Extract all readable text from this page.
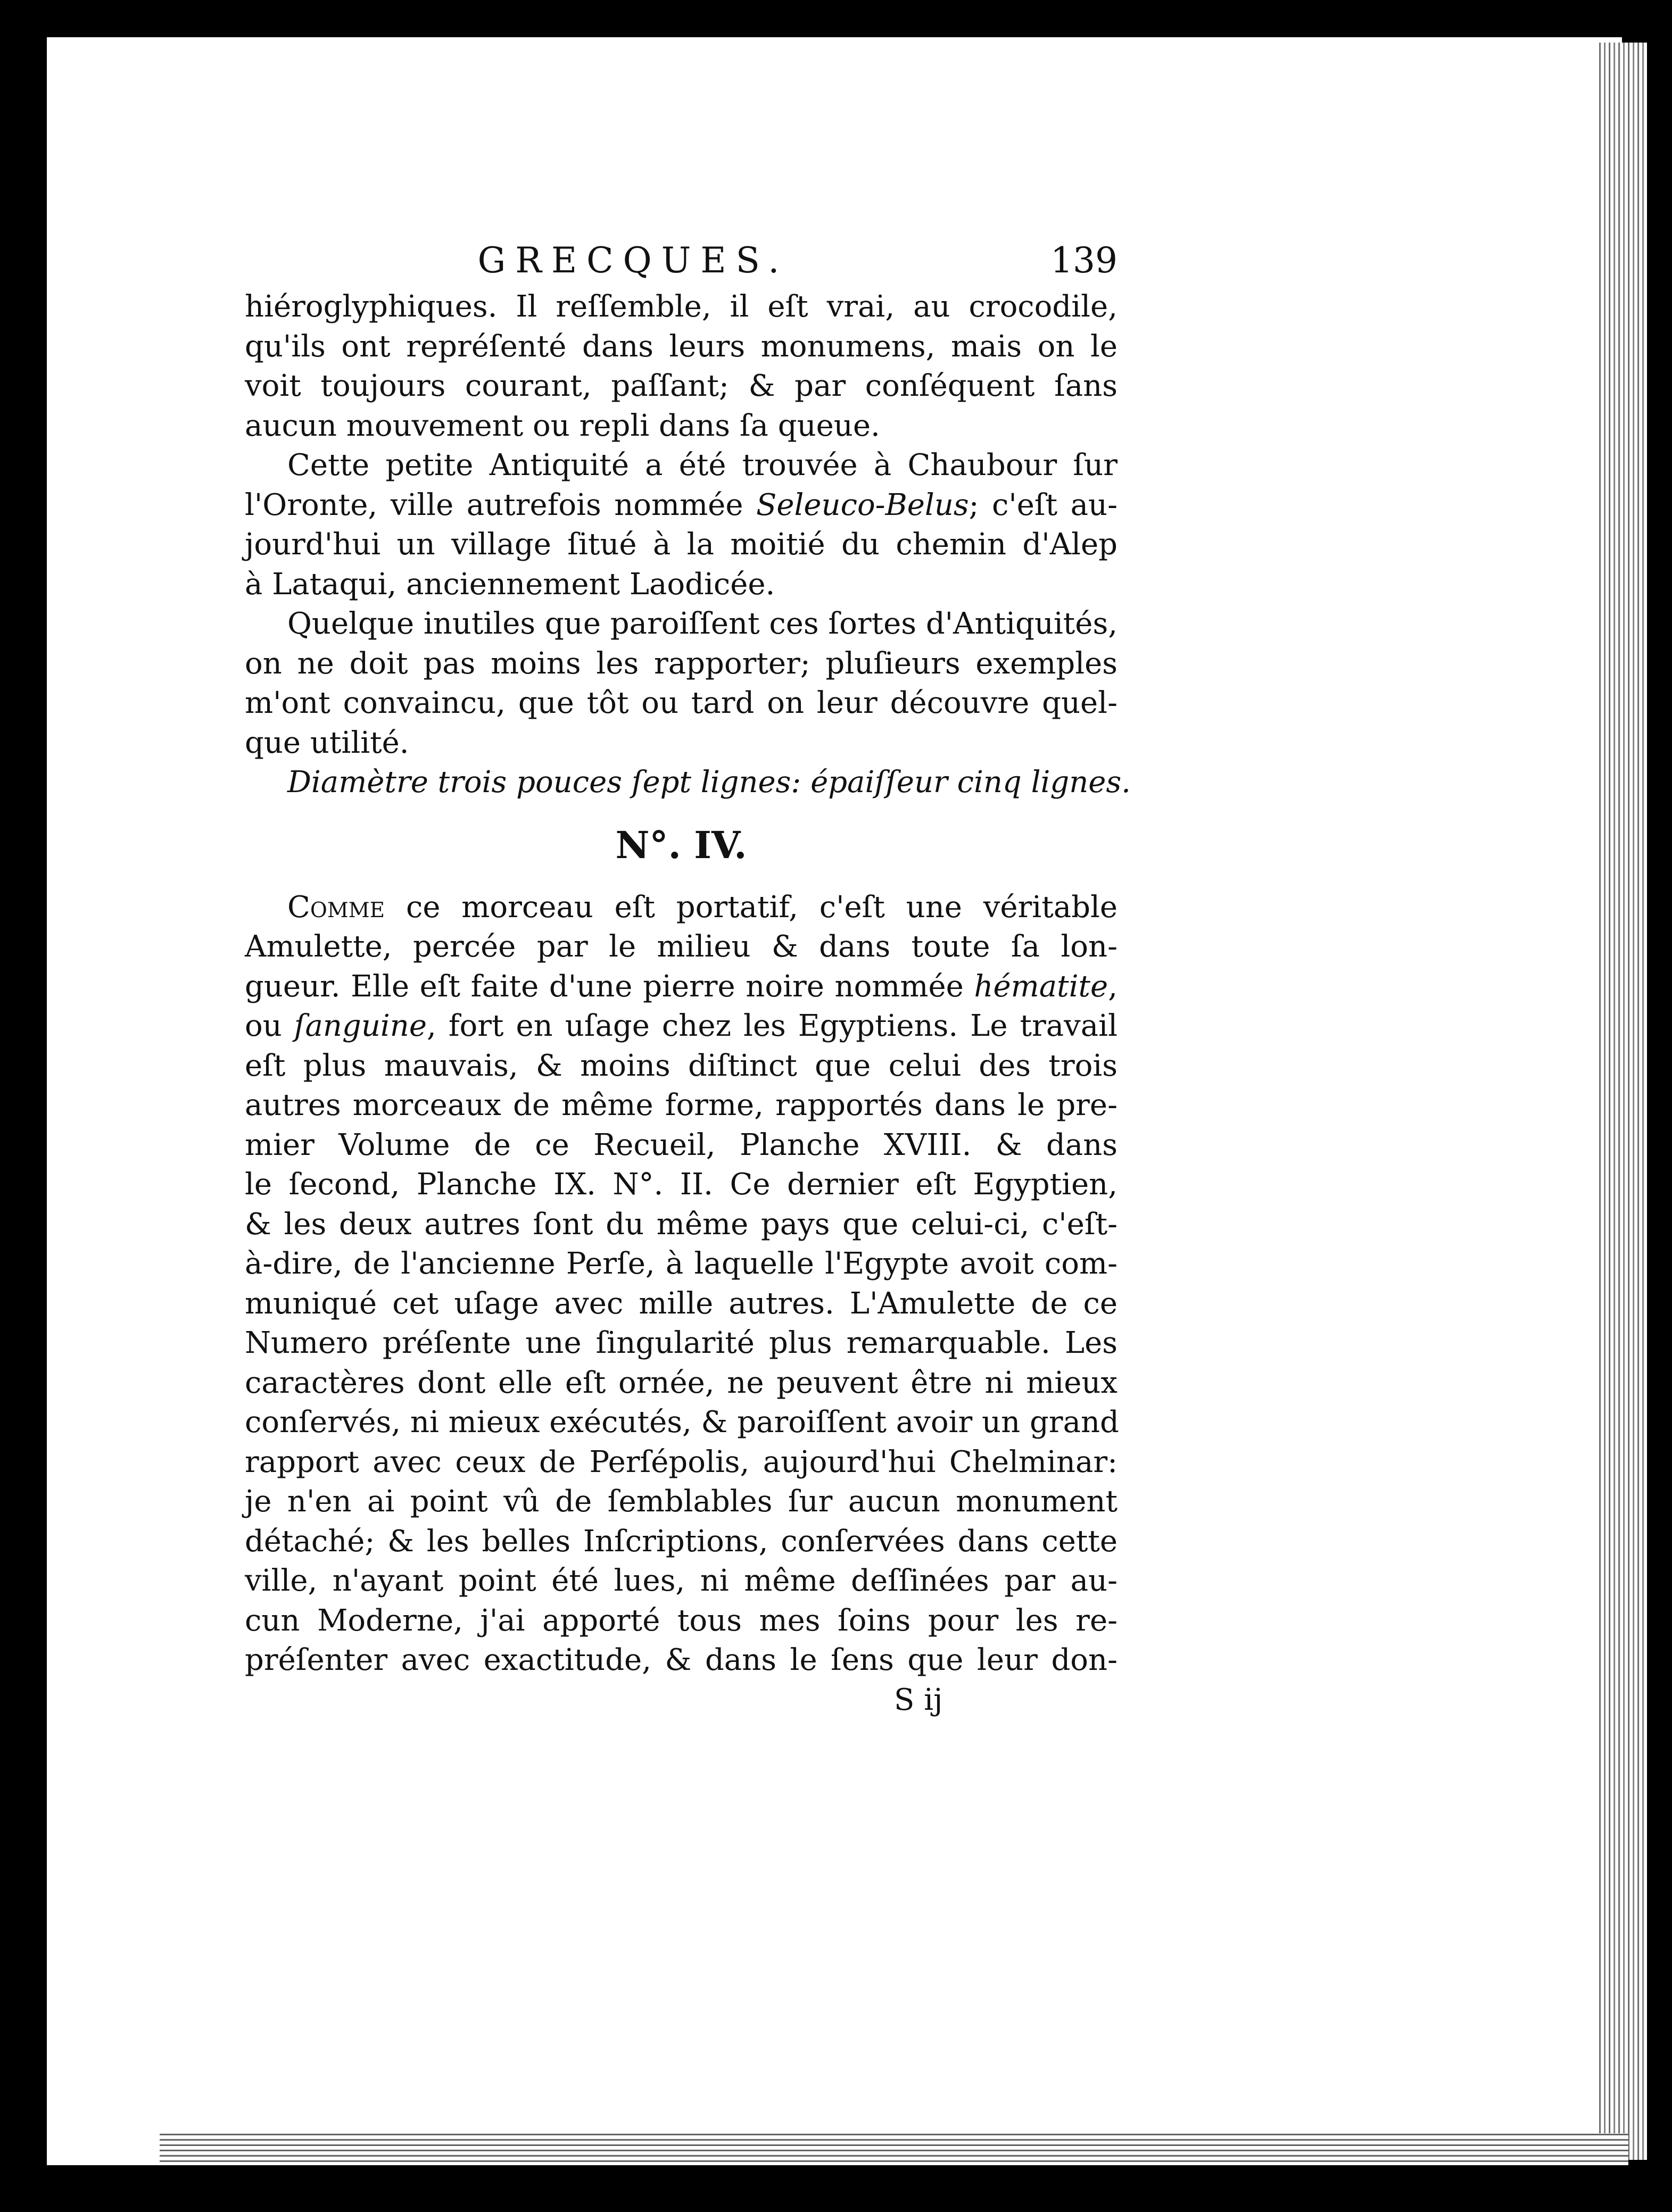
GRECQUES.	139

hiéroglyphiques. Il reſſemble, il eſt vrai, au crocodile,
qu'ils ont repréſenté dans leurs monumens, mais on le
voit toujours courant, paſſant; & par conſéquent ſans
aucun mouvement ou repli dans ſa queue.

Cette petite Antiquité a été trouvée à Chaubour ſur
l'Oronte, ville autrefois nommée Seleuco-Belus; c'eſt au-
jourd'hui un village ſitué à la moitié du chemin d'Alep
à Lataqui, anciennement Laodicée.

Quelque inutiles que paroiſſent ces ſortes d'Antiquités,
on ne doit pas moins les rapporter; pluſieurs exemples
m'ont convaincu, que tôt ou tard on leur découvre quel-
que utilité.

Diamètre trois pouces ſept lignes: épaiſſeur cinq lignes.
N°. IV.

Comme ce morceau eſt portatif, c'eſt une véritable
Amulette, percée par le milieu & dans toute ſa lon-
gueur. Elle eſt faite d'une pierre noire nommée hématite,
ou ſanguine, fort en uſage chez les Egyptiens. Le travail
eſt plus mauvais, & moins diſtinct que celui des trois
autres morceaux de même forme, rapportés dans le pre-
mier Volume de ce Recueil, Planche XVIII. & dans
le ſecond, Planche IX. N°. II. Ce dernier eſt Egyptien,
& les deux autres ſont du même pays que celui-ci, c'eſt-
à-dire, de l'ancienne Perſe, à laquelle l'Egypte avoit com-
muniqué cet uſage avec mille autres. L'Amulette de ce
Numero préſente une ſingularité plus remarquable. Les
caractères dont elle eſt ornée, ne peuvent être ni mieux
conſervés, ni mieux exécutés, & paroiſſent avoir un grand
rapport avec ceux de Perſépolis, aujourd'hui Chelminar:
je n'en ai point vû de ſemblables ſur aucun monument
détaché; & les belles Inſcriptions, conſervées dans cette
ville, n'ayant point été lues, ni même deſſinées par au-
cun Moderne, j'ai apporté tous mes ſoins pour les re-
préſenter avec exactitude, & dans le ſens que leur don-

S ij
